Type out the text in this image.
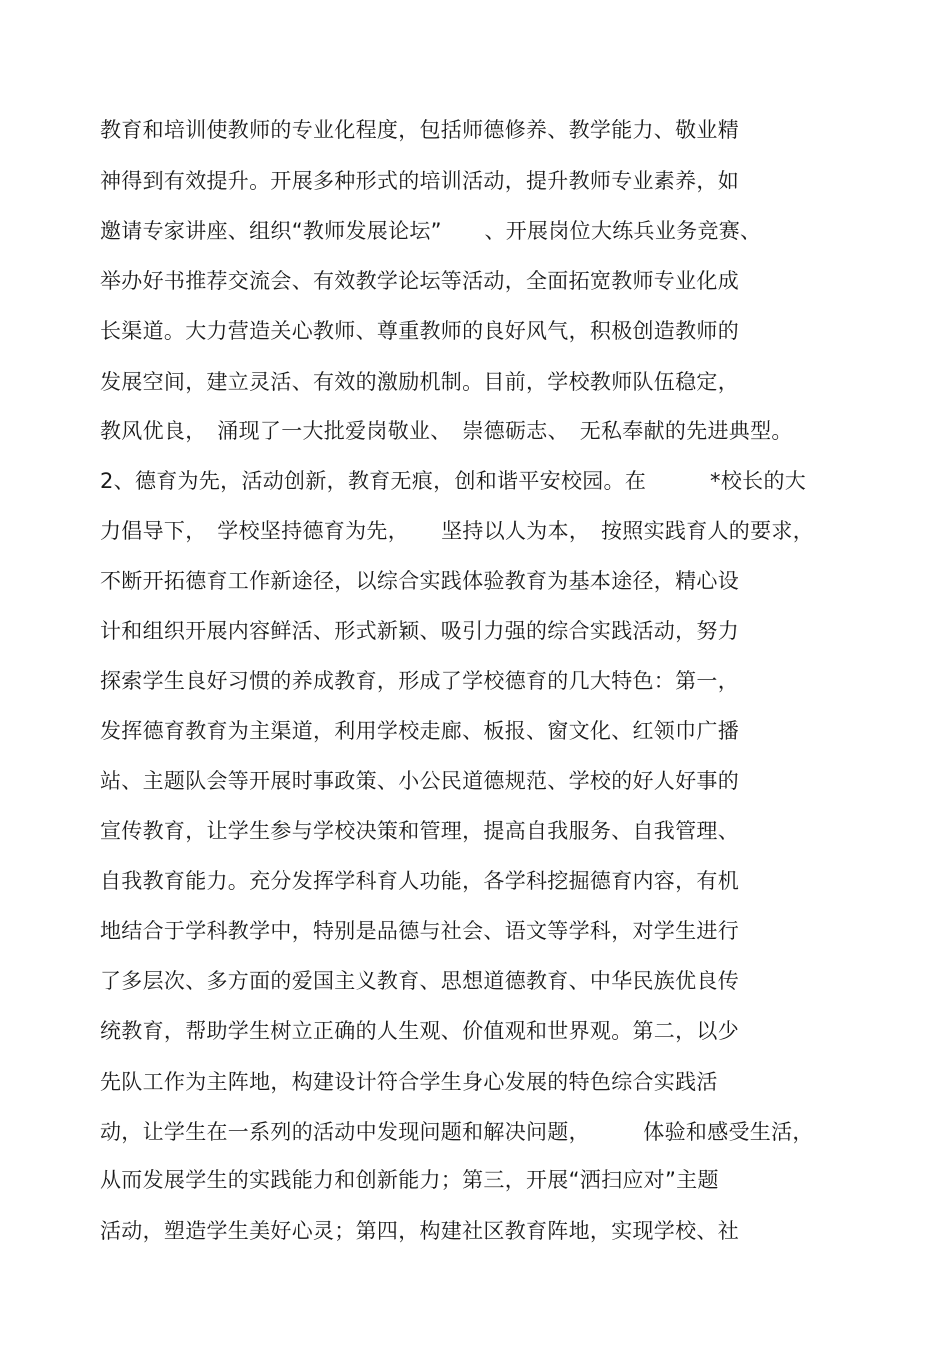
教育和培训使教师的专业化程度，包括师德修养、教学能力、敬业精

神得到有效提升。开展多种形式的培训活动，提升教师专业素养，如

邀请专家讲座、组织“教师发展论坛”　　、开展岗位大练兵业务竞赛、

举办好书推荐交流会、有效教学论坛等活动，全面拓宽教师专业化成

长渠道。大力营造关心教师、尊重教师的良好风气，积极创造教师的

发展空间，建立灵活、有效的激励机制。目前，学校教师队伍稳定，

教风优良，　涌现了一大批爱岗敬业、　崇德砺志、　无私奉献的先进典型。

2、德育为先，活动创新，教育无痕，创和谐平安校园。在　　　*校长的大

力倡导下，　学校坚持德育为先，　　坚持以人为本，　按照实践育人的要求，

不断开拓德育工作新途径，以综合实践体验教育为基本途径，精心设

计和组织开展内容鲜活、形式新颖、吸引力强的综合实践活动，努力

探索学生良好习惯的养成教育，形成了学校德育的几大特色：第一，

发挥德育教育为主渠道，利用学校走廊、板报、窗文化、红领巾广播

站、主题队会等开展时事政策、小公民道德规范、学校的好人好事的

宣传教育，让学生参与学校决策和管理，提高自我服务、自我管理、

自我教育能力。充分发挥学科育人功能，各学科挖掘德育内容，有机

地结合于学科教学中，特别是品德与社会、语文等学科，对学生进行

了多层次、多方面的爱国主义教育、思想道德教育、中华民族优良传

统教育，帮助学生树立正确的人生观、价值观和世界观。第二，以少

先队工作为主阵地，构建设计符合学生身心发展的特色综合实践活

动，让学生在一系列的活动中发现问题和解决问题，　　　体验和感受生活，

从而发展学生的实践能力和创新能力；第三，开展“洒扫应对”主题

活动，塑造学生美好心灵；第四，构建社区教育阵地，实现学校、社
